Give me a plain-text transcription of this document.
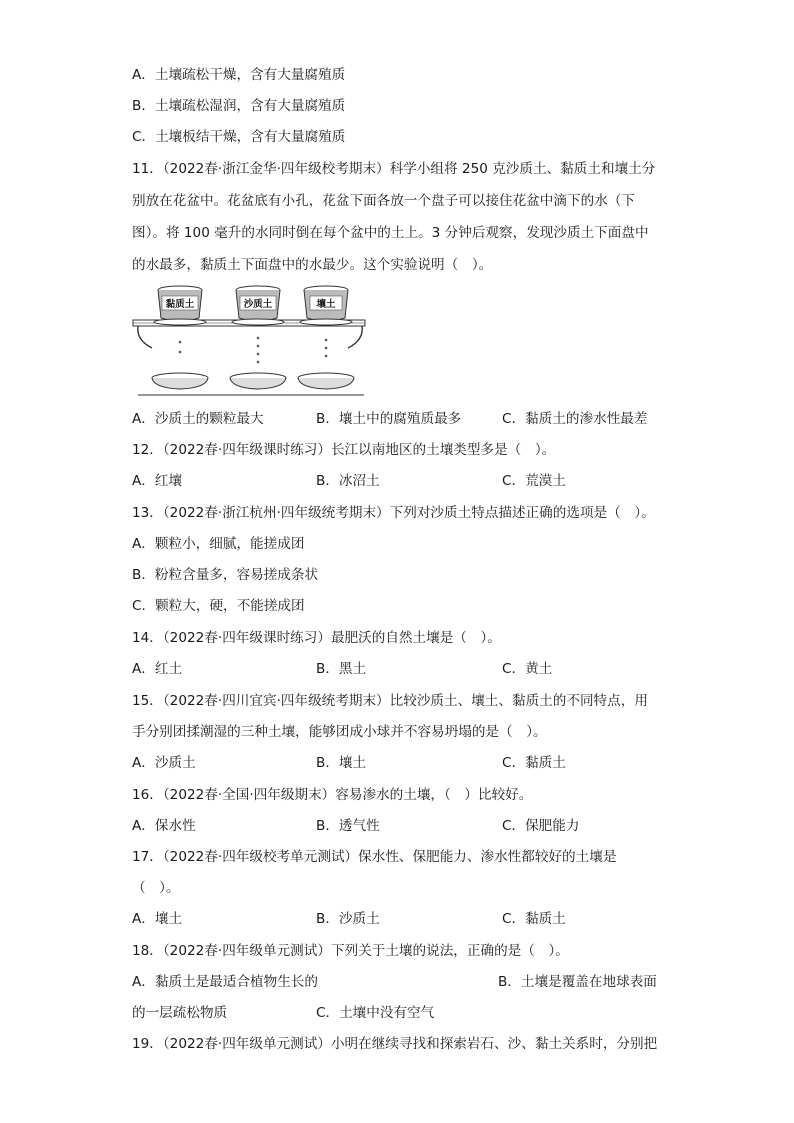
A．土壤疏松干燥，含有大量腐殖质
B．土壤疏松湿润，含有大量腐殖质
C．土壤板结干燥，含有大量腐殖质
11．（2022春·浙江金华·四年级校考期末）科学小组将 250 克沙质土、黏质土和壤土分
别放在花盆中。花盆底有小孔，花盆下面各放一个盘子可以接住花盆中滴下的水（下
图）。将 100 毫升的水同时倒在每个盆中的土上。3 分钟后观察，发现沙质土下面盘中
的水最多，黏质土下面盘中的水最少。这个实验说明（　）。
黏质土	沙质土	壤土
A．沙质土的颗粒最大	B．壤土中的腐殖质最多	C．黏质土的渗水性最差
12．（2022春·四年级课时练习）长江以南地区的土壤类型多是（　）。
A．红壤	B．冰沼土	C．荒漠土
13．（2022春·浙江杭州·四年级统考期末）下列对沙质土特点描述正确的选项是（　）。
A．颗粒小，细腻，能搓成团
B．粉粒含量多，容易搓成条状
C．颗粒大，硬，不能搓成团
14．（2022春·四年级课时练习）最肥沃的自然土壤是（　）。
A．红土	B．黑土	C．黄土
15．（2022春·四川宜宾·四年级统考期末）比较沙质土、壤土、黏质土的不同特点，用
手分别团揉潮湿的三种土壤，能够团成小球并不容易坍塌的是（　）。
A．沙质土	B．壤土	C．黏质土
16．（2022春·全国·四年级期末）容易渗水的土壤，（　）比较好。
A．保水性	B．透气性	C．保肥能力
17．（2022春·四年级校考单元测试）保水性、保肥能力、渗水性都较好的土壤是
（　）。
A．壤土	B．沙质土	C．黏质土
18．（2022春·四年级单元测试）下列关于土壤的说法，正确的是（　）。
A．黏质土是最适合植物生长的	B．土壤是覆盖在地球表面
的一层疏松物质	C．土壤中没有空气
19．（2022春·四年级单元测试）小明在继续寻找和探索岩石、沙、黏土关系时，分别把
